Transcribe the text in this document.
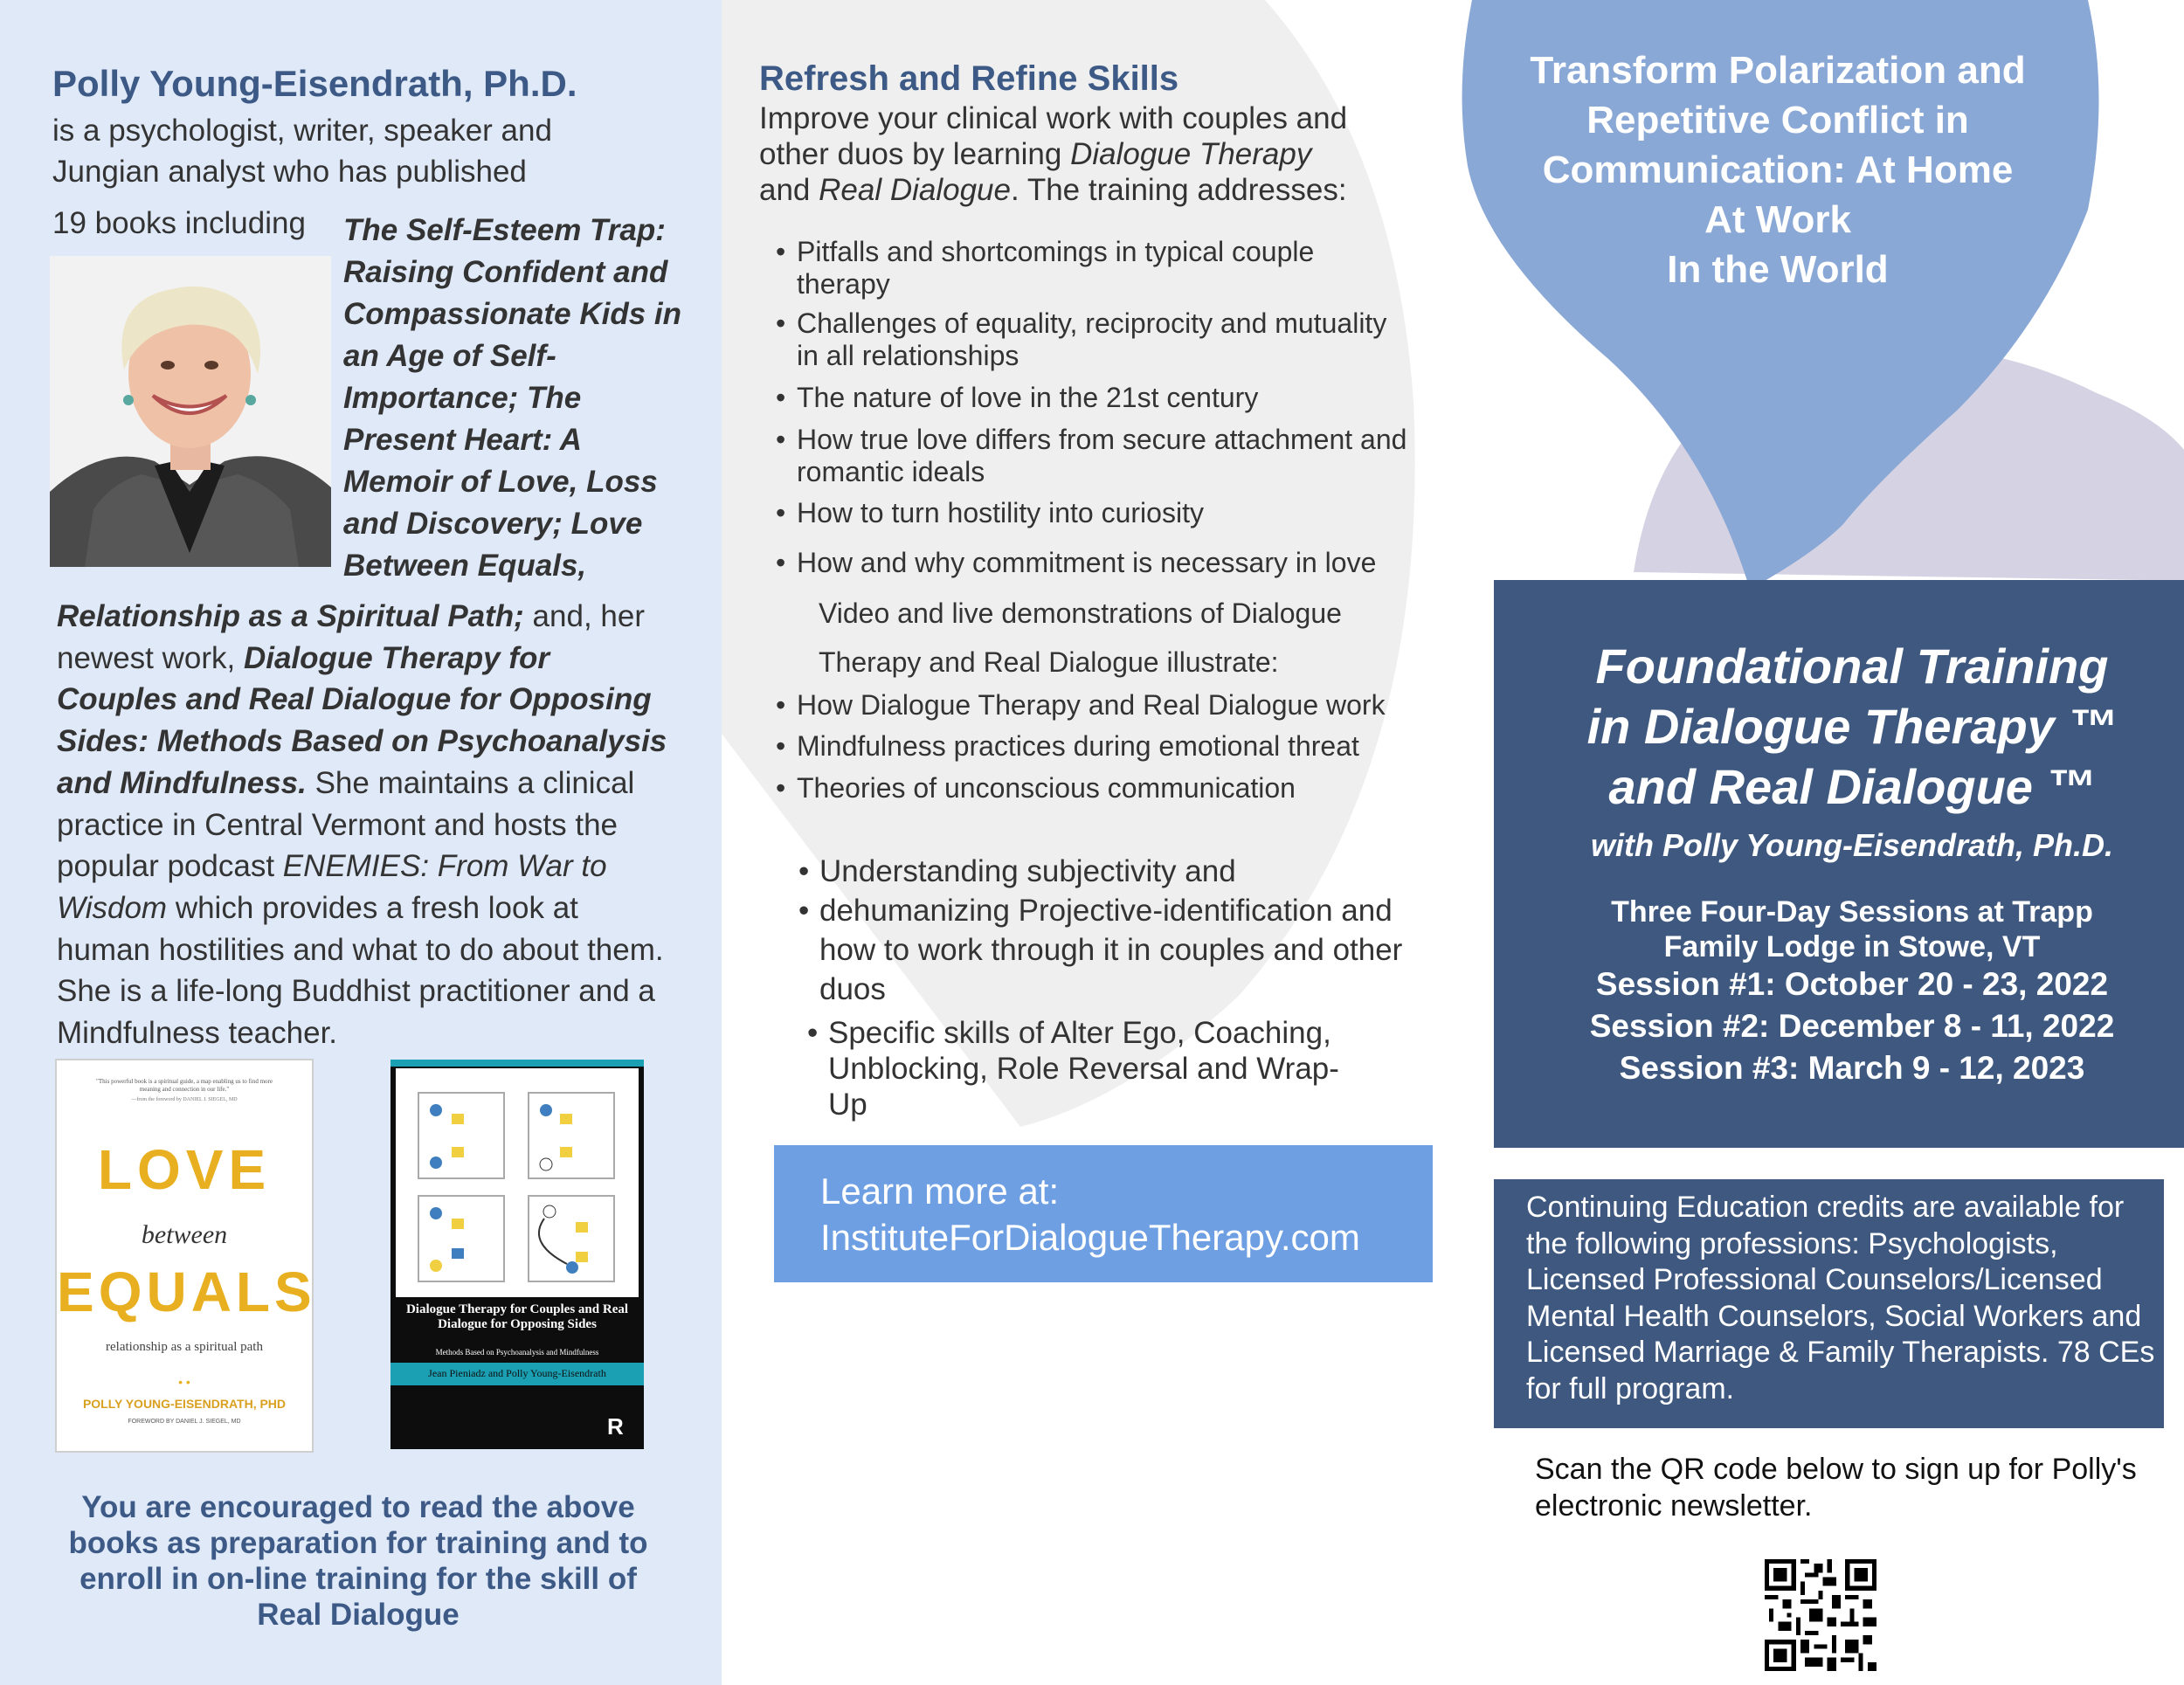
Polly Young-Eisendrath, Ph.D.
is a psychologist, writer, speaker and
Jungian analyst who has published
19 books including The Self-Esteem Trap: Raising Confident and Compassionate Kids in an Age of Self-Importance; The Present Heart: A Memoir of Love, Loss and Discovery; Love Between Equals,
Relationship as a Spiritual Path; and, her newest work, Dialogue Therapy for Couples and Real Dialogue for Opposing Sides: Methods Based on Psychoanalysis and Mindfulness. She maintains a clinical practice in Central Vermont and hosts the popular podcast ENEMIES: From War to Wisdom which provides a fresh look at human hostilities and what to do about them. She is a life-long Buddhist practitioner and a Mindfulness teacher.
"This powerful book is a spiritual guide, a map enabling us to find more meaning and connection in our life."
—from the foreword by DANIEL J. SIEGEL, MD
LOVE
between
EQUALS
relationship as a spiritual path
• •
POLLY YOUNG-EISENDRATH, PHD
FOREWORD BY DANIEL J. SIEGEL, MD
Dialogue Therapy for Couples and Real Dialogue for Opposing Sides
Methods Based on Psychoanalysis and Mindfulness
Jean Pieniadz and Polly Young-Eisendrath
R
You are encouraged to read the above books as preparation for training and to enroll in on-line training for the skill of Real Dialogue
Refresh and Refine Skills
Improve your clinical work with couples and other duos by learning Dialogue Therapy and Real Dialogue. The training addresses:
• Pitfalls and shortcomings in typical couple therapy
• Challenges of equality, reciprocity and mutuality in all relationships
• The nature of love in the 21st century
• How true love differs from secure attachment and romantic ideals
• How to turn hostility into curiosity
• How and why commitment is necessary in love
Video and live demonstrations of Dialogue
Therapy and Real Dialogue illustrate:
• How Dialogue Therapy and Real Dialogue work
• Mindfulness practices during emotional threat
• Theories of unconscious communication
• Understanding subjectivity and
• dehumanizing Projective-identification and how to work through it in couples and other duos
• Specific skills of Alter Ego, Coaching, Unblocking, Role Reversal and Wrap-Up
Learn more at:
InstituteForDialogueTherapy.com
Transform Polarization and
Repetitive Conflict in
Communication: At Home
At Work
In the World
Foundational Training
in Dialogue Therapy ™
and Real Dialogue ™
with Polly Young-Eisendrath, Ph.D.
Three Four-Day Sessions at Trapp
Family Lodge in Stowe, VT
Session #1: October 20 - 23, 2022
Session #2: December 8 - 11, 2022
Session #3: March 9 - 12, 2023
Continuing Education credits are available for the following professions: Psychologists, Licensed Professional Counselors/Licensed Mental Health Counselors, Social Workers and Licensed Marriage & Family Therapists. 78 CEs for full program.
Scan the QR code below to sign up for Polly's electronic newsletter.
